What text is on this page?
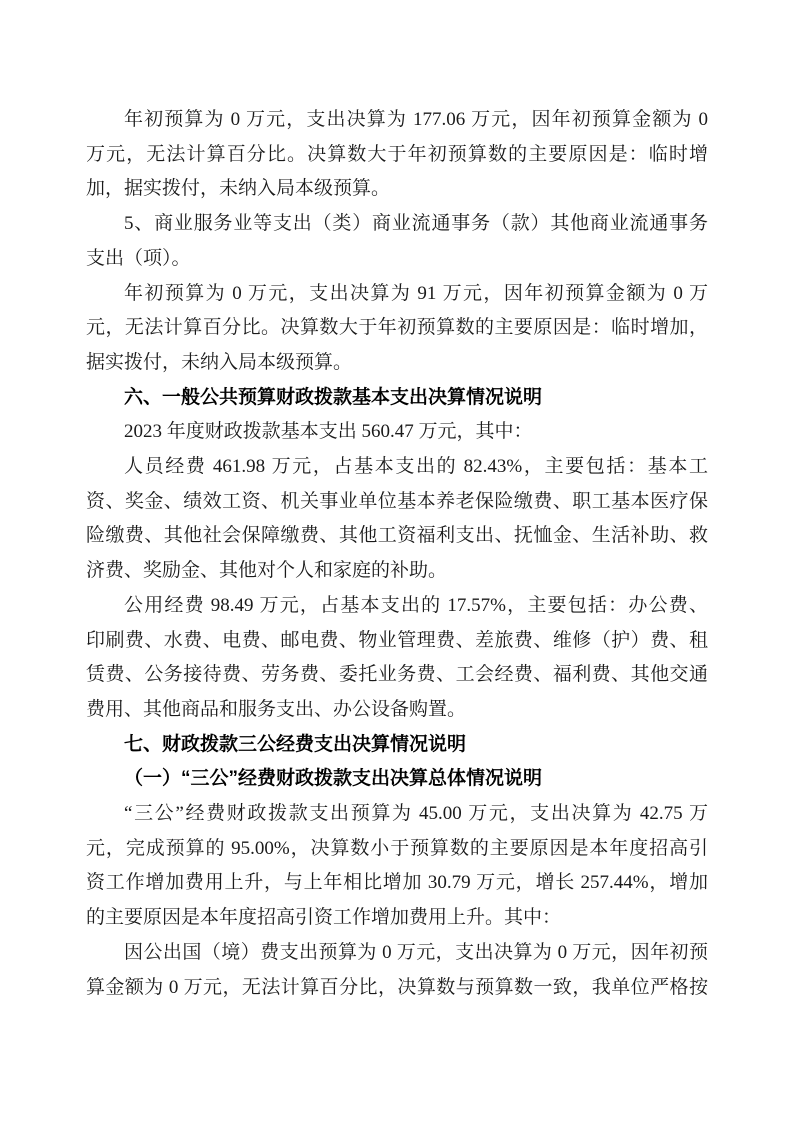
年初预算为 0 万元，支出决算为 177.06 万元，因年初预算金额为 0
万元，无法计算百分比。决算数大于年初预算数的主要原因是：临时增
加，据实拨付，未纳入局本级预算。
5、商业服务业等支出（类）商业流通事务（款）其他商业流通事务
支出（项）。
年初预算为 0 万元，支出决算为 91 万元，因年初预算金额为 0 万
元，无法计算百分比。决算数大于年初预算数的主要原因是：临时增加，
据实拨付，未纳入局本级预算。
六、一般公共预算财政拨款基本支出决算情况说明
2023 年度财政拨款基本支出 560.47 万元，其中：
人员经费 461.98 万元，占基本支出的 82.43%，主要包括：基本工
资、奖金、绩效工资、机关事业单位基本养老保险缴费、职工基本医疗保
险缴费、其他社会保障缴费、其他工资福利支出、抚恤金、生活补助、救
济费、奖励金、其他对个人和家庭的补助。
公用经费 98.49 万元，占基本支出的 17.57%，主要包括：办公费、
印刷费、水费、电费、邮电费、物业管理费、差旅费、维修（护）费、租
赁费、公务接待费、劳务费、委托业务费、工会经费、福利费、其他交通
费用、其他商品和服务支出、办公设备购置。
七、财政拨款三公经费支出决算情况说明
（一）“三公”经费财政拨款支出决算总体情况说明
“三公”经费财政拨款支出预算为 45.00 万元，支出决算为 42.75 万
元，完成预算的 95.00%，决算数小于预算数的主要原因是本年度招高引
资工作增加费用上升，与上年相比增加 30.79 万元，增长 257.44%，增加
的主要原因是本年度招高引资工作增加费用上升。其中：
因公出国（境）费支出预算为 0 万元，支出决算为 0 万元，因年初预
算金额为 0 万元，无法计算百分比，决算数与预算数一致，我单位严格按
